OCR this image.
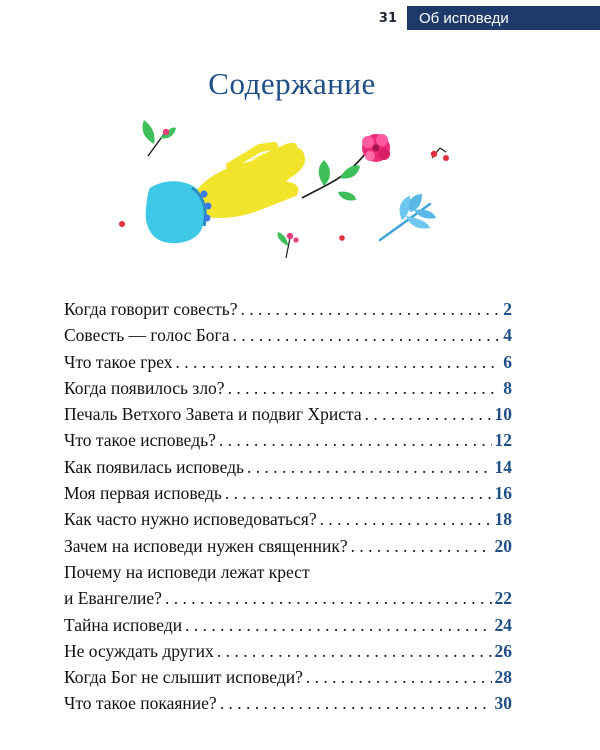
31	Об исповеди
Содержание
Когда говорит совесть? . . .	2
Совесть — голос Бога . . .	4
Что такое грех . . .	6
Когда появилось зло? . . .	8
Печаль Ветхого Завета и подвиг Христа . . .	10
Что такое исповедь? . . .	12
Как появилась исповедь . . .	14
Моя первая исповедь . . .	16
Как часто нужно исповедоваться? . . .	18
Зачем на исповеди нужен священник? . . .	20
Почему на исповеди лежат крест
и Евангелие? . . .	22
Тайна исповеди . . .	24
Не осуждать других . . .	26
Когда Бог не слышит исповеди? . . .	28
Что такое покаяние? . . .	30
